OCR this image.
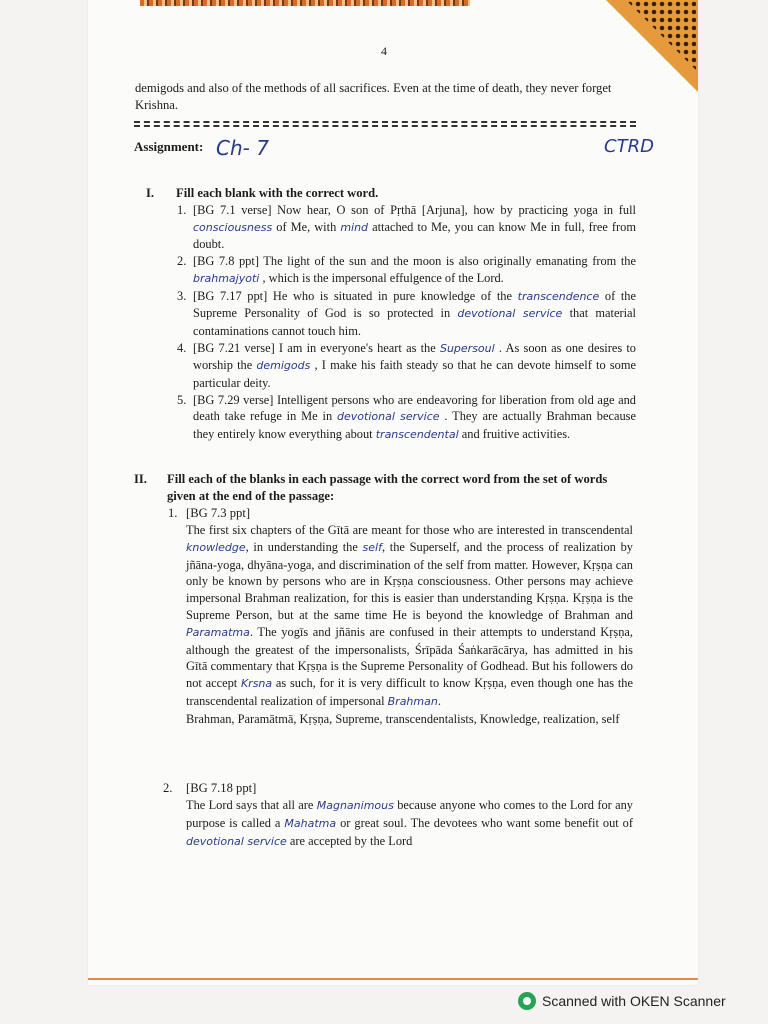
4
demigods and also of the methods of all sacrifices. Even at the time of death, they never forget Krishna.
Assignment: Ch- 7	CTRD
I. Fill each blank with the correct word.
1. [BG 7.1 verse] Now hear, O son of Pṛthā [Arjuna], how by practicing yoga in full consciousness of Me, with mind attached to Me, you can know Me in full, free from doubt.
2. [BG 7.8 ppt] The light of the sun and the moon is also originally emanating from the brahmajyoti , which is the impersonal effulgence of the Lord.
3. [BG 7.17 ppt] He who is situated in pure knowledge of the transcendence of the Supreme Personality of God is so protected in devotional service that material contaminations cannot touch him.
4. [BG 7.21 verse] I am in everyone's heart as the Supersoul . As soon as one desires to worship the demigods , I make his faith steady so that he can devote himself to some particular deity.
5. [BG 7.29 verse] Intelligent persons who are endeavoring for liberation from old age and death take refuge in Me in devotional service . They are actually Brahman because they entirely know everything about transcendental and fruitive activities.
II. Fill each of the blanks in each passage with the correct word from the set of words given at the end of the passage:
1. [BG 7.3 ppt]
The first six chapters of the Gītā are meant for those who are interested in transcendental knowledge, in understanding the self, the Superself, and the process of realization by jñāna-yoga, dhyāna-yoga, and discrimination of the self from matter. However, Kṛṣṇa can only be known by persons who are in Kṛṣṇa consciousness. Other persons may achieve impersonal Brahman realization, for this is easier than understanding Kṛṣṇa. Kṛṣṇa is the Supreme Person, but at the same time He is beyond the knowledge of Brahman and Paramatma. The yogīs and jñānis are confused in their attempts to understand Kṛṣṇa, although the greatest of the impersonalists, Śrīpāda Śaṅkarācārya, has admitted in his Gītā commentary that Kṛṣṇa is the Supreme Personality of Godhead. But his followers do not accept Krsna as such, for it is very difficult to know Kṛṣṇa, even though one has the transcendental realization of impersonal Brahman.
Brahman, Paramātmā, Kṛṣṇa, Supreme, transcendentalists, Knowledge, realization, self
2. [BG 7.18 ppt]
The Lord says that all are Magnanimous because anyone who comes to the Lord for any purpose is called a Mahatma or great soul. The devotees who want some benefit out of devotional service are accepted by the Lord
Scanned with OKEN Scanner
